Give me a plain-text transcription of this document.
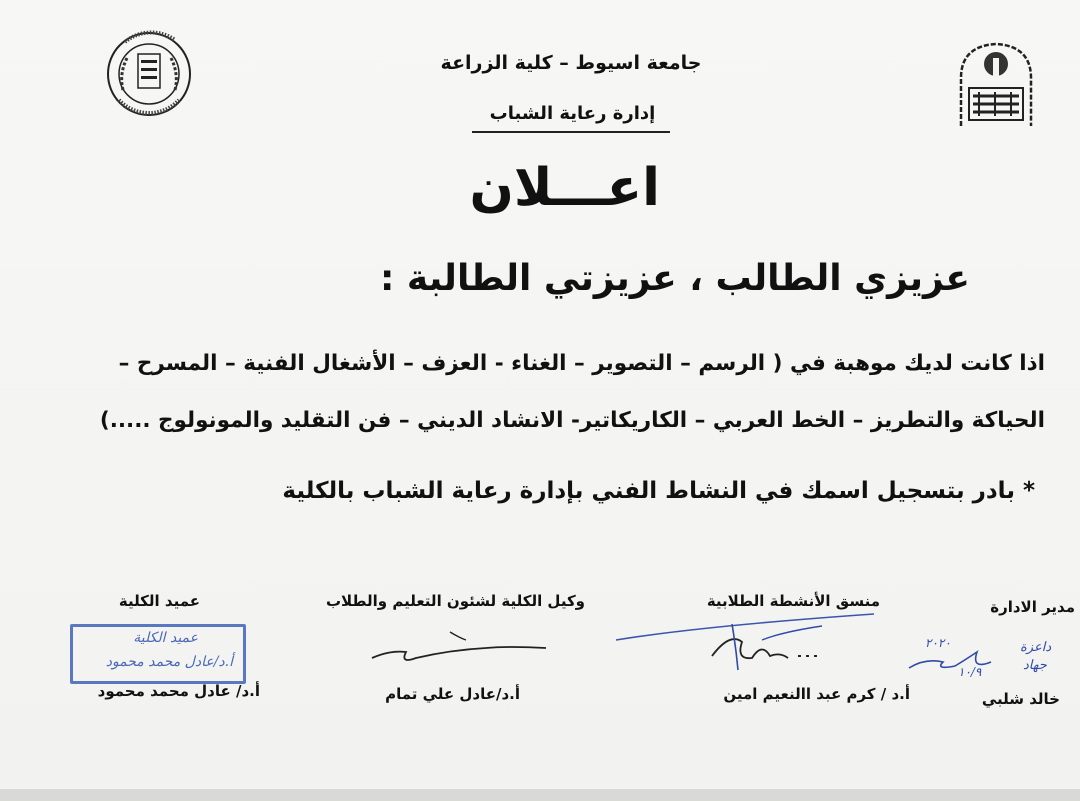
جامعة اسيوط – كلية الزراعة
إدارة رعاية الشباب
اعـــلان
عزيزي الطالب ، عزيزتي الطالبة :
اذا كانت لديك موهبة في ( الرسم – التصوير – الغناء - العزف – الأشغال الفنية – المسرح –
الحياكة والتطريز – الخط العربي – الكاريكاتير- الانشاد الديني – فن التقليد والمونولوج .....)
* بادر بتسجيل اسمك في النشاط الفني بإدارة رعاية الشباب بالكلية
مدير الادارة
خالد شلبي
منسق الأنشطة الطلابية
أ.د / كرم عبد االنعيم امين
وكيل الكلية لشئون التعليم والطلاب
أ.د/عادل علي تمام
عميد الكلية
أ.د/ عادل محمد محمود
عميد الكلية
أ.د/عادل محمد محمود
داعزة
جهاد
٢٠٢٠
١٠/٩
